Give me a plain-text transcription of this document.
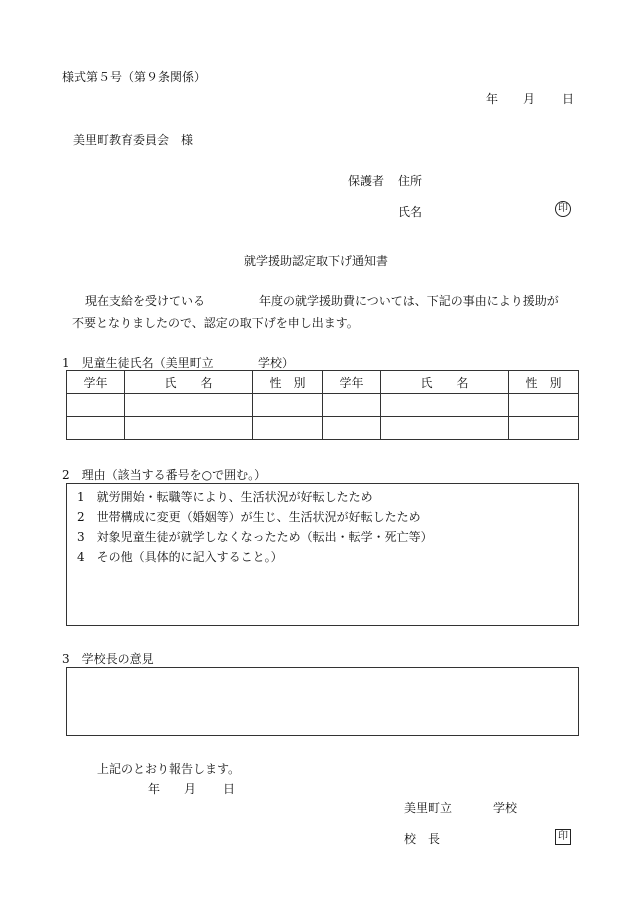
様式第５号（第９条関係）
年 月 日
美里町教育委員会　様
保護者 住所
氏名	印
就学援助認定取下げ通知書
現在支給を受けている	年度の就学援助費については、下記の事由により援助が
不要となりましたので、認定の取下げを申し出ます。
1　児童生徒氏名（美里町立	学校）
学年	氏　　名	性　別	学年	氏　　名	性　別

2　理由（該当する番号を○で囲む。）
1　就労開始・転職等により、生活状況が好転したため
2　世帯構成に変更（婚姻等）が生じ、生活状況が好転したため
3　対象児童生徒が就学しなくなったため（転出・転学・死亡等）
4　その他（具体的に記入すること。）
3　学校長の意見
上記のとおり報告します。
年 月 日
美里町立	学校
校　長	印
